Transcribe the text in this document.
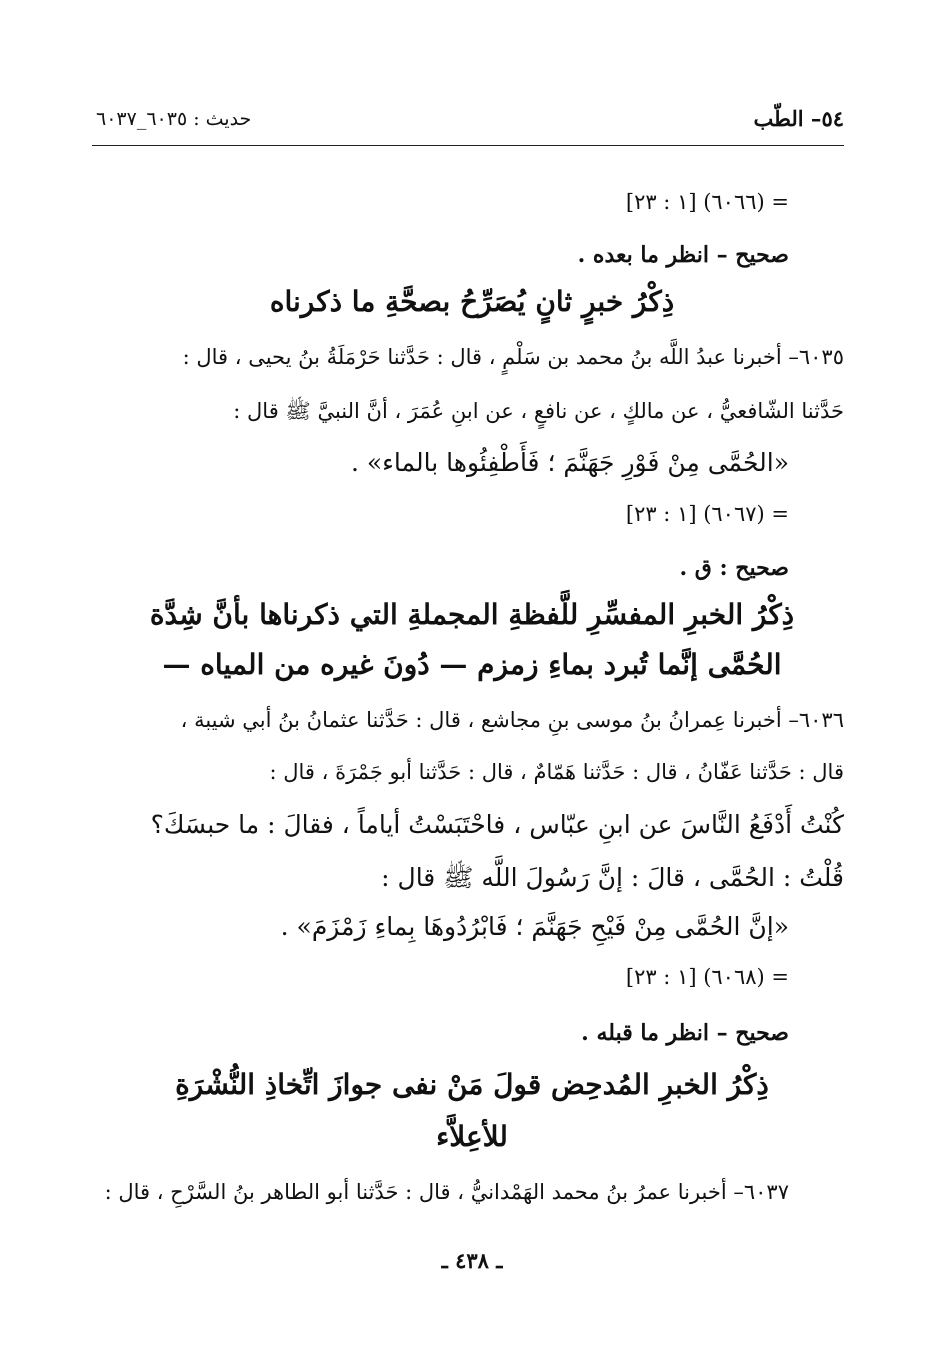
٥٤– الطّب
حديث : ٦٠٣٥_٦٠٣٧
= (٦٠٦٦) [١ : ٢٣]
صحيح – انظر ما بعده .
ذِكْرُ خبرٍ ثانٍ يُصَرِّحُ بصحَّةِ ما ذكرناه
٦٠٣٥– أخبرنا عبدُ اللَّه بنُ محمد بن سَلْمٍ ، قال : حَدَّثنا حَرْمَلَةُ بنُ يحيى ، قال :
حَدَّثنا الشّافعيُّ ، عن مالكٍ ، عن نافعٍ ، عن ابنِ عُمَرَ ، أنَّ النبيَّ ﷺ قال :
«الحُمَّى مِنْ فَوْرِ جَهَنَّمَ ؛ فَأَطْفِئُوها بالماء» .
= (٦٠٦٧) [١ : ٢٣]
صحيح : ق .
ذِكْرُ الخبرِ المفسِّرِ للَّفظةِ المجملةِ التي ذكرناها بأنَّ شِدَّة
الحُمَّى إنَّما تُبرد بماءِ زمزم — دُونَ غيره من المياه —
٦٠٣٦– أخبرنا عِمرانُ بنُ موسى بنِ مجاشع ، قال : حَدَّثنا عثمانُ بنُ أبي شيبة ،
قال : حَدَّثنا عَفّانُ ، قال : حَدَّثنا هَمّامٌ ، قال : حَدَّثنا أبو جَمْرَةَ ، قال :
كُنْتُ أَدْفَعُ النَّاسَ عن ابنِ عبّاس ، فاحْتَبَسْتُ أياماً ، فقالَ : ما حبسَكَ؟
قُلْتُ : الحُمَّى ، قالَ : إنَّ رَسُولَ اللَّه ﷺ قال :
«إنَّ الحُمَّى مِنْ فَيْحِ جَهَنَّمَ ؛ فَابْرُدُوهَا بِماءِ زَمْزَمَ» .
= (٦٠٦٨) [١ : ٢٣]
صحيح – انظر ما قبله .
ذِكْرُ الخبرِ المُدحِض قولَ مَنْ نفى جوازَ اتِّخاذِ النُّشْرَةِ
للأعِلاَّء
٦٠٣٧– أخبرنا عمرُ بنُ محمد الهَمْدانيُّ ، قال : حَدَّثنا أبو الطاهر بنُ السَّرْحِ ، قال :
ـ ٤٣٨ ـ
